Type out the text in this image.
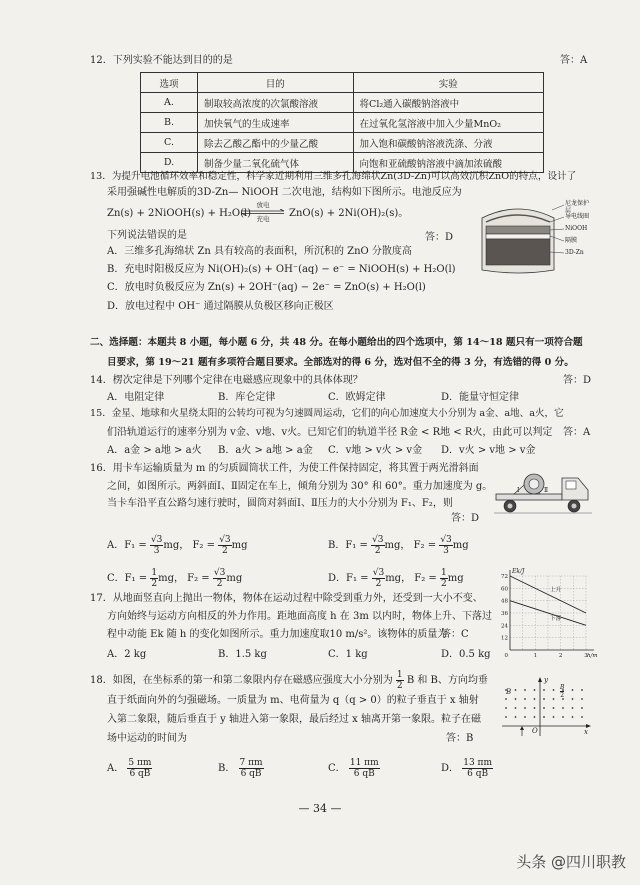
12．下列实验不能达到目的的是	答：A
选项	目的	实验
A.	制取较高浓度的次氯酸溶液	将Cl₂通入碳酸钠溶液中
B.	加快氧气的生成速率	在过氧化氢溶液中加入少量MnO₂
C.	除去乙酸乙酯中的少量乙酸	加入饱和碳酸钠溶液洗涤、分液
D.	制备少量二氧化硫气体	向饱和亚硫酸钠溶液中滴加浓硫酸
13．为提升电池循环效率和稳定性，科学家近期利用三维多孔海绵状Zn(3D-Zn)可以高效沉积ZnO的特点，设计了
采用强碱性电解质的3D-Zn— NiOOH 二次电池，结构如下图所示。电池反应为
Zn(s) + 2NiOOH(s) + H₂O(l)
放电
充电	ZnO(s) + 2Ni(OH)₂(s)。
下列说法错误的是	答：D
A．三维多孔海绵状 Zn 具有较高的表面积，所沉积的 ZnO 分散度高
B．充电时阳极反应为 Ni(OH)₂(s) + OH⁻(aq) − e⁻ = NiOOH(s) + H₂O(l)
C．放电时负极反应为 Zn(s) + 2OH⁻(aq) − 2e⁻ = ZnO(s) + H₂O(l)
D．放电过程中 OH⁻ 通过隔膜从负极区移向正极区
尼龙保护层
导电线圈
NiOOH
隔膜
3D-Zn
二、选择题：本题共 8 小题，每小题 6 分，共 48 分。在每小题给出的四个选项中，第 14～18 题只有一项符合题
目要求，第 19～21 题有多项符合题目要求。全部选对的得 6 分，选对但不全的得 3 分，有选错的得 0 分。
14．楞次定律是下列哪个定律在电磁感应现象中的具体体现？	答：D
A．电阻定律	B．库仑定律	C．欧姆定律	D．能量守恒定律
15．金星、地球和火星绕太阳的公转均可视为匀速圆周运动，它们的向心加速度大小分别为 a金、a地、a火，它
们沿轨道运行的速率分别为 v金、v地、v火。已知它们的轨道半径 R金 < R地 < R火，由此可以判定 答：A
A．a金 > a地 > a火 B．a火 > a地 > a金 C．v地 > v火 > v金 D．v火 > v地 > v金
16．用卡车运输质量为 m 的匀质圆筒状工件，为使工件保持固定，将其置于两光滑斜面
之间，如图所示。两斜面Ⅰ、Ⅱ固定在车上，倾角分别为 30° 和 60°。重力加速度为 g。
当卡车沿平直公路匀速行驶时，圆筒对斜面Ⅰ、Ⅱ压力的大小分别为 F₁、F₂，则
答：D
A．$F_1 = \frac{√3}{3}$ mg， $F_2 = \frac{√3}{2}$ mg	B．$F_1 = \frac{√3}{2}$ mg， $F_2 = \frac{√3}{3}$ mg
C．$F_1 = \frac{1}{2}$ mg， $F_2 = \frac{√3}{2}$ mg	D．$F_1 = \frac{√3}{2}$ mg， $F_2 = \frac{1}{2}$ mg
Ⅰ	Ⅱ
17．从地面竖直向上抛出一物体，物体在运动过程中除受到重力外，还受到一大小不变、
方向始终与运动方向相反的外力作用。距地面高度 h 在 3m 以内时，物体上升、下落过
程中动能 Ek 随 h 的变化如图所示。重力加速度取10 m/s²。该物体的质量为
答：C
A．2 kg	B．1.5 kg	C．1 kg	D．0.5 kg
72
60
48
36
24
12
1	2	3
0
Ek/J
h/m
上升
下落
18．如图，在坐标系的第一和第二象限内存在磁感应强度大小分别为 $\frac{1}{2}$ B 和 B、方向均垂
直于纸面向外的匀强磁场。一质量为 m、电荷量为 q（q > 0）的粒子垂直于 x 轴射
入第二象限，随后垂直于 y 轴进入第一象限，最后经过 x 轴离开第一象限。粒子在磁
场中运动的时间为	答：B
A． $\frac{5 \pi m}{6 qB}$	B． $\frac{7 \pi m}{6 qB}$	C． $\frac{11 \pi m}{6 qB}$	D． $\frac{13 \pi m}{6 qB}$
B
B
2
x
y
O
— 34 —
头条 @四川职教
